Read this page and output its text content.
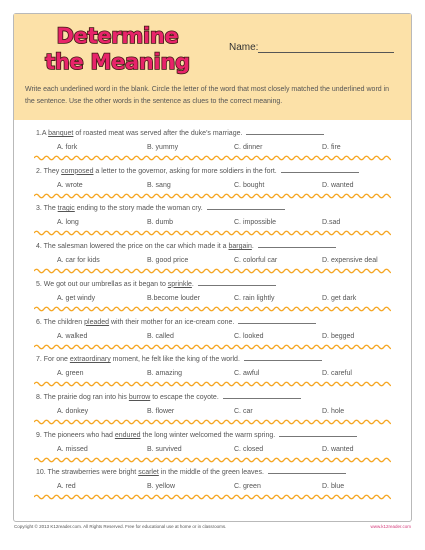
Determine
the Meaning
Name:
Write each underlined word in the blank. Circle the letter of the word that most closely matched the underlined word in the sentence. Use the other words in the sentence as clues to the correct meaning.
1.A banquet of roasted meat was served after the duke's marriage.
A. fork	B. yummy	C. dinner	D. fire
2. They composed a letter to the governor, asking for more soldiers in the fort.
A. wrote	B. sang	C. bought	D. wanted
3. The tragic ending to the story made the woman cry.
A. long	B. dumb	C. impossible	D.sad
4. The salesman lowered the price on the car which made it a bargain.
A. car for kids	B. good price	C. colorful car	D. expensive deal
5. We got out our umbrellas as it began to sprinkle.
A. get windy	B.become louder	C. rain lightly	D. get dark
6. The children pleaded with their mother for an ice-cream cone.
A. walked	B. called	C. looked	D. begged
7. For one extraordinary moment, he felt like the king of the world.
A. green	B. amazing	C. awful	D. careful
8. The prairie dog ran into his burrow to escape the coyote.
A. donkey	B. flower	C. car	D. hole
9. The pioneers who had endured the long winter welcomed the warm spring.
A. missed	B. survived	C. closed	D. wanted
10. The strawberries were bright scarlet in the middle of the green leaves.
A. red	B. yellow	C. green	D. blue
Copyright © 2013 K12reader.com. All Rights Reserved. Free for educational use at home or in classrooms.	www.k12reader.com
